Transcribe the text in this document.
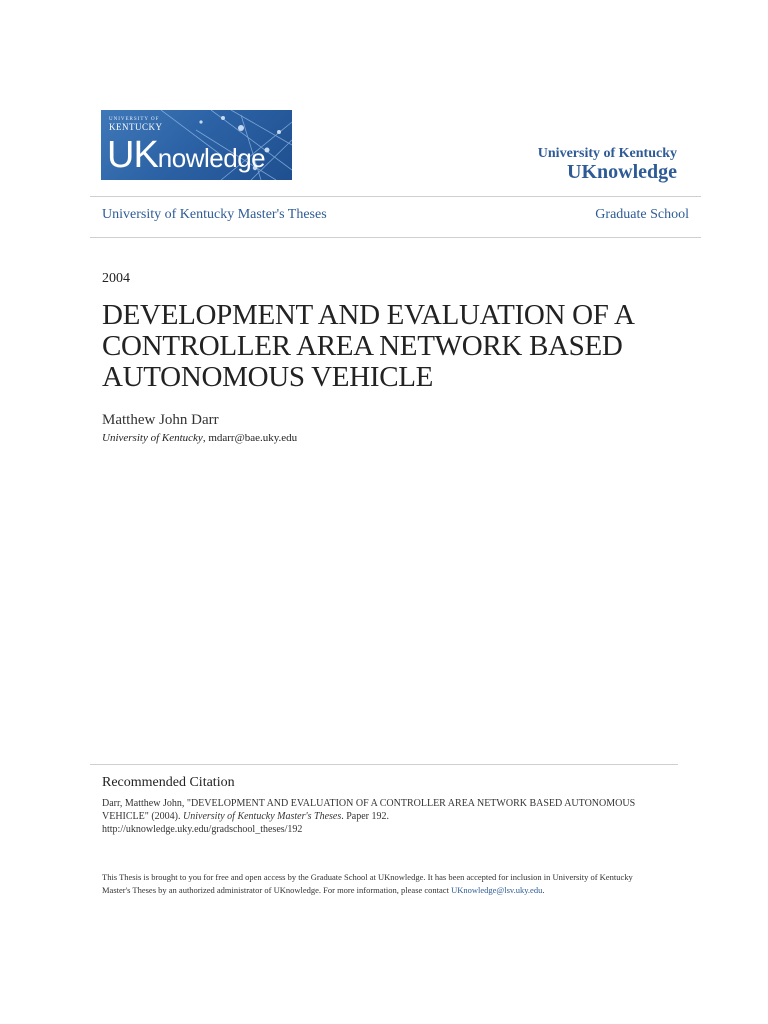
UNIVERSITY OF
KENTUCKY
UKnowledge	University of Kentucky
UKnowledge
University of Kentucky Master's Theses	Graduate School
2004
DEVELOPMENT AND EVALUATION OF A CONTROLLER AREA NETWORK BASED AUTONOMOUS VEHICLE
Matthew John Darr
University of Kentucky, mdarr@bae.uky.edu
Recommended Citation
Darr, Matthew John, "DEVELOPMENT AND EVALUATION OF A CONTROLLER AREA NETWORK BASED AUTONOMOUS VEHICLE" (2004). University of Kentucky Master's Theses. Paper 192.
http://uknowledge.uky.edu/gradschool_theses/192
This Thesis is brought to you for free and open access by the Graduate School at UKnowledge. It has been accepted for inclusion in University of Kentucky Master's Theses by an authorized administrator of UKnowledge. For more information, please contact UKnowledge@lsv.uky.edu.
